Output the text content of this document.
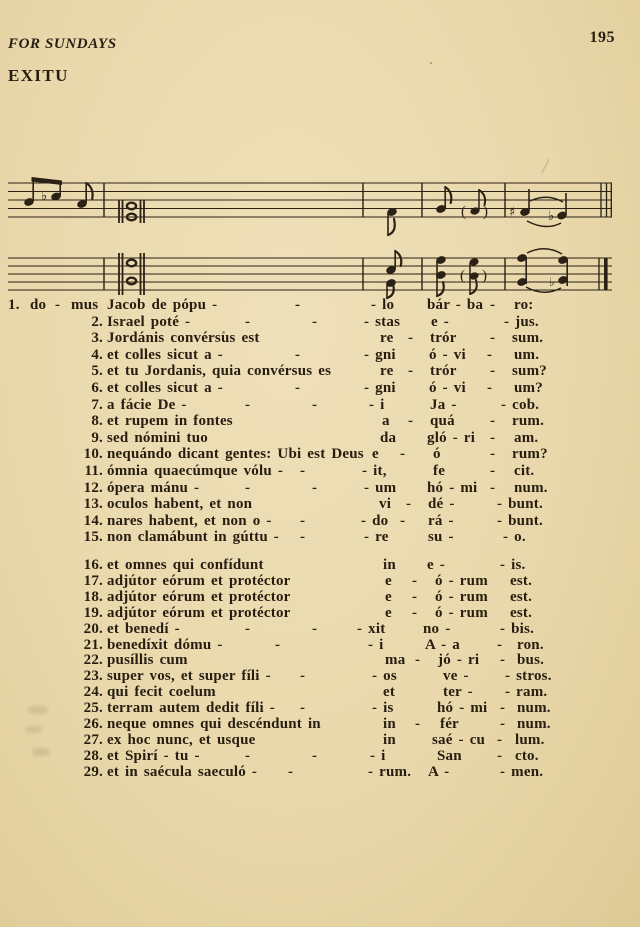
FOR SUNDAYS	195
EXITU
♭
( ) ♯	♭
( )	♭
1. do - mus Jacob de pópu -	-	- lo bár - ba - ro:
2. Israel poté -	-	-	- stas e -	- jus.
3. Jordánis convérsus est	re - trór - sum.
4. et colles sicut a -	-	- gni ó - vi - um.
5. et tu Jordanis, quia convérsus es	re - trór - sum?
6. et colles sicut a -	-	- gni ó - vi - um?
7. a fácie De -	-	-	- i	Ja -	- cob.
8. et rupem in fontes	a - quá - rum.
9. sed nómini tuo	da gló - ri - am.
10. nequándo dicant gentes: Ubi est Deus e - ó	- rum?
11. ómnia quaecúmque vólu - -	- it,	fe	- cit.
12. ópera mánu -	-	-	- um hó - mi - num.
13. oculos habent, et non	vi - dé -	- bunt.
14. nares habent, et non o - -	- do - rá -	- bunt.
15. non clamábunt in gúttu - -	- re	su -	- o.
16. et omnes qui confídunt	in e -	- is.
17. adjútor eórum et protéctor	e - ó - rum est.
18. adjútor eórum et protéctor	e - ó - rum est.
19. adjútor eórum et protéctor	e - ó - rum est.
20. et benedí -	-	-	- xit	no -	- bis.
21. benedíxit dómu -	-	- i	A - a - ron.
22. pusíllis cum	ma - jó - ri - bus.
23. super vos, et super fíli - -	- os	ve - - stros.
24. qui fecit coelum	et	ter - - ram.
25. terram autem dedit fíli - -	- is	hó - mi - num.
26. neque omnes qui descéndunt in	in - fér	- num.
27. ex hoc nunc, et usque	in saé - cu - lum.
28. et Spirí - tu -	-	-	- i	San - cto.
29. et in saécula saeculó - -	- rum. A -	- men.
